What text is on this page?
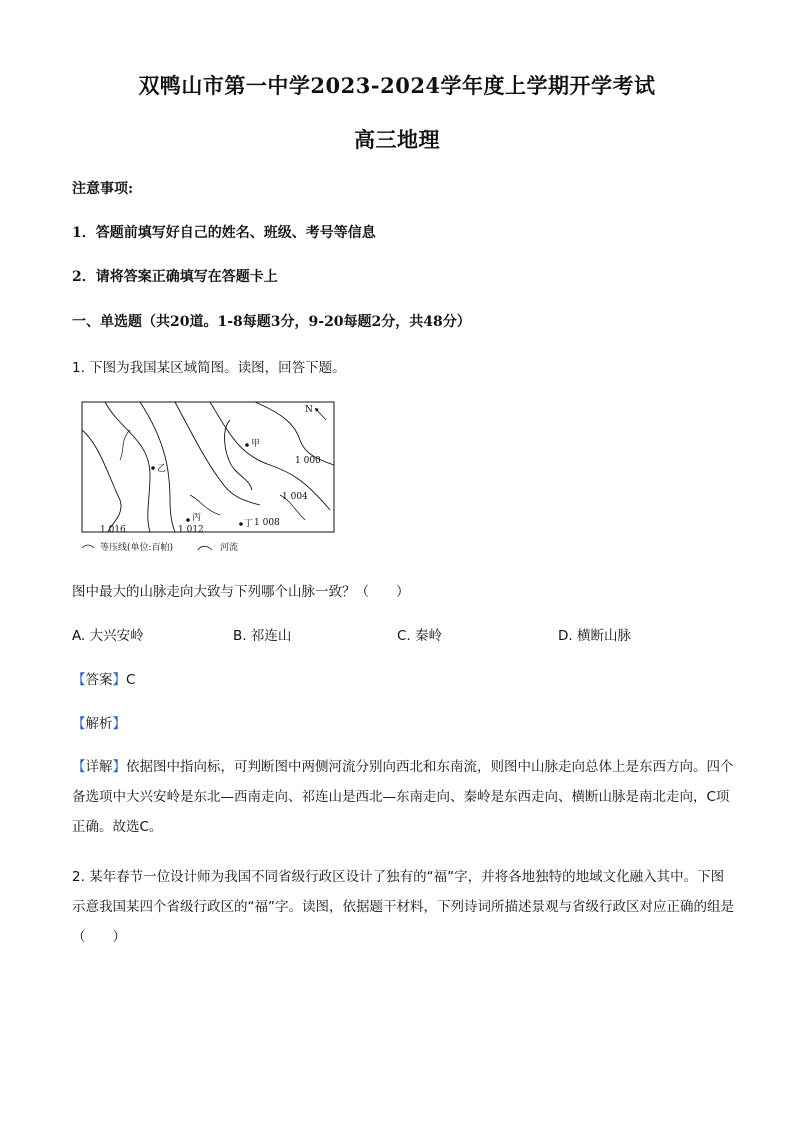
双鸭山市第一中学2023-2024学年度上学期开学考试
高三地理
注意事项:
1．答题前填写好自己的姓名、班级、考号等信息
2．请将答案正确填写在答题卡上
一、单选题（共20道。1-8每题3分，9-20每题2分，共48分）
1. 下图为我国某区域简图。读图，回答下题。
甲
乙
丙
丁
N
1 000
1 004
1 008
1 012
1 016
等压线(单位:百帕)	河流
图中最大的山脉走向大致与下列哪个山脉一致？（　　）
A. 大兴安岭	B. 祁连山	C. 秦岭	D. 横断山脉
【答案】C
【解析】
【详解】依据图中指向标，可判断图中两侧河流分别向西北和东南流，则图中山脉走向总体上是东西方向。四个备选项中大兴安岭是东北—西南走向、祁连山是西北—东南走向、秦岭是东西走向、横断山脉是南北走向，C项正确。故选C。
2. 某年春节一位设计师为我国不同省级行政区设计了独有的“福”字，并将各地独特的地域文化融入其中。下图示意我国某四个省级行政区的“福”字。读图，依据题干材料，下列诗词所描述景观与省级行政区对应正确的组是（　　）
